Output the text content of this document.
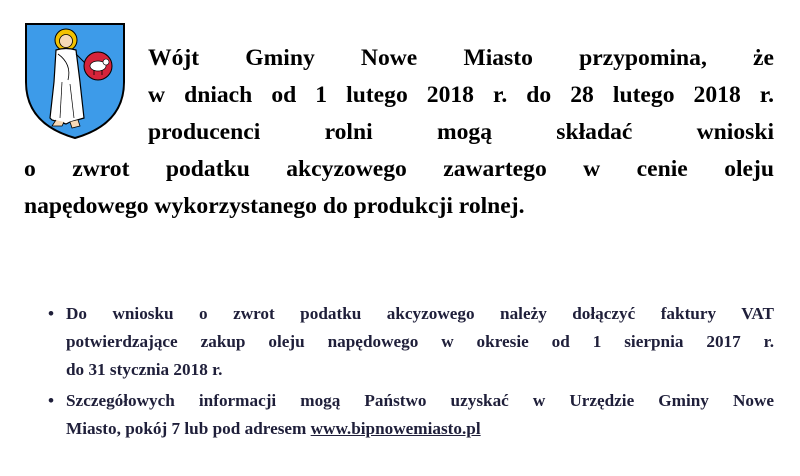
Wójt Gminy Nowe Miasto przypomina, że
w dniach od 1 lutego 2018 r. do 28 lutego 2018 r.
producenci rolni mogą składać wnioski
o zwrot podatku akcyzowego zawartego w cenie oleju
napędowego wykorzystanego do produkcji rolnej.
• Do wniosku o zwrot podatku akcyzowego należy dołączyć faktury VAT
potwierdzające zakup oleju napędowego w okresie od 1 sierpnia 2017 r.
do 31 stycznia 2018 r.
• Szczegółowych informacji mogą Państwo uzyskać w Urzędzie Gminy Nowe
Miasto, pokój 7 lub pod adresem www.bipnowemiasto.pl
